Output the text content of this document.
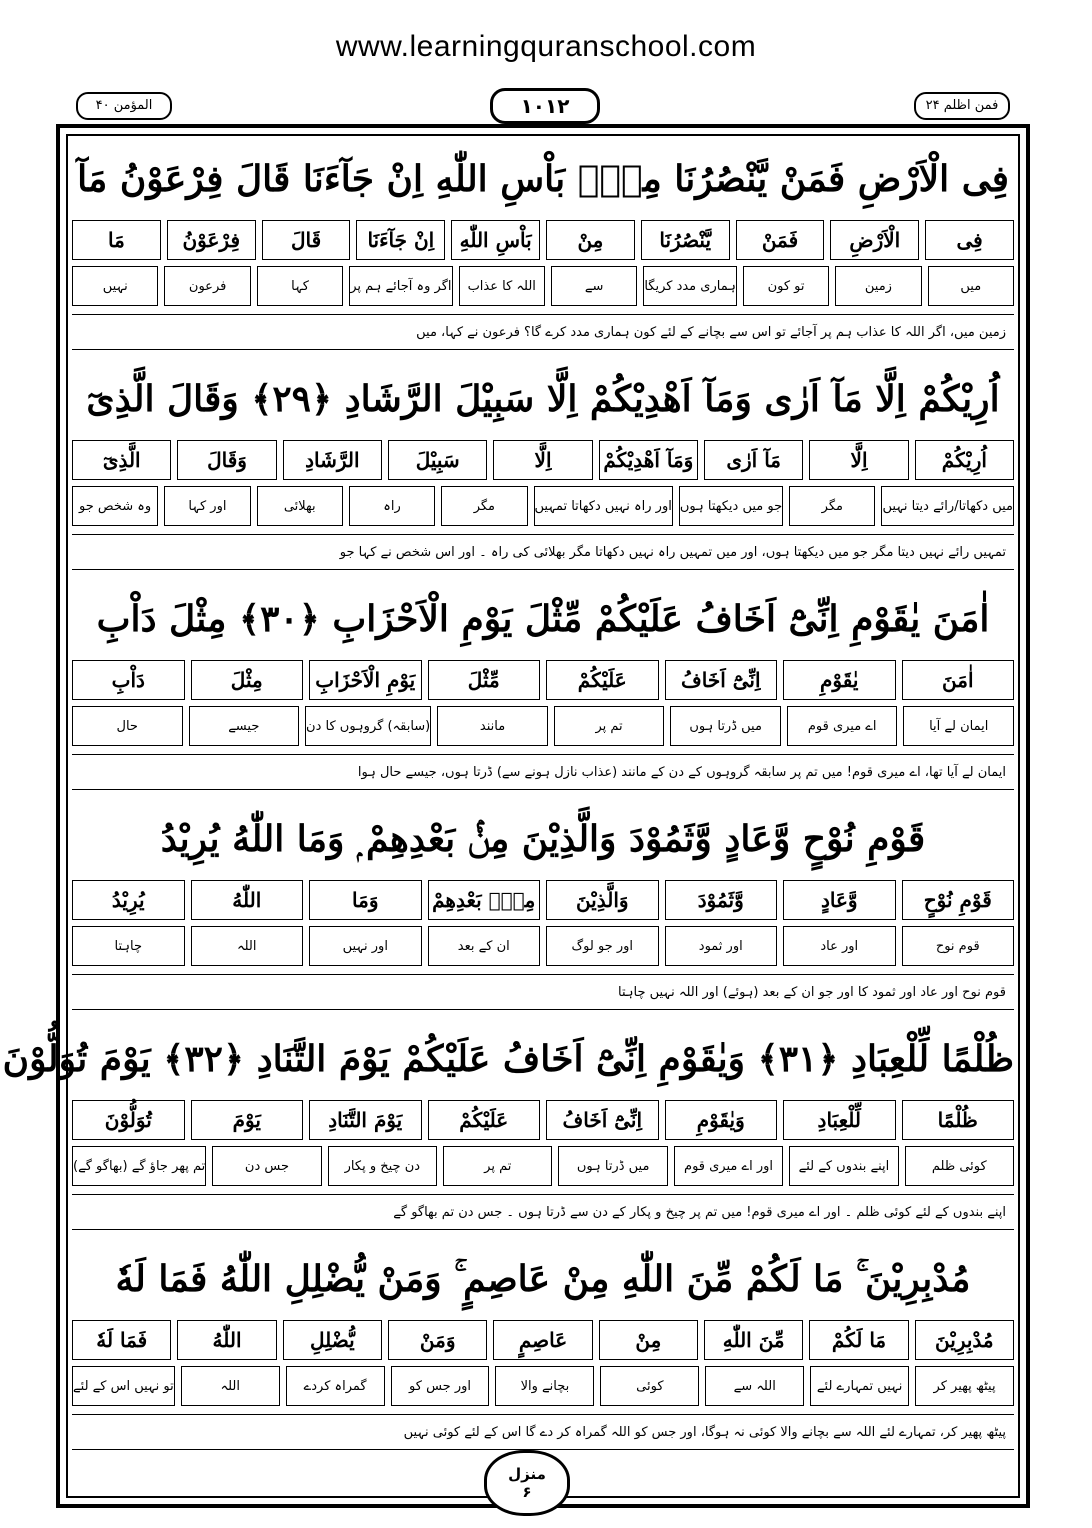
www.learningquranschool.com
فمن اظلم ۲۴
۱۰۱۲
المؤمن ۴۰
فِى الْاَرْضِ فَمَنْ يَّنْصُرُنَا مِنْۢ بَاْسِ اللّٰهِ اِنْ جَآءَنَا قَالَ فِرْعَوْنُ مَآ
فِى
الْاَرْضِ
فَمَنْ
يَّنْصُرُنَا
مِنْ
بَاْسِ اللّٰهِ
اِنْ جَآءَنَا
قَالَ
فِرْعَوْنُ
مَا
میں
زمین
تو کون
ہماری مدد کریگا
سے
اللہ کا عذاب
اگر وہ آجائے ہم پر
کہا
فرعون
نہیں
زمین میں، اگر اللہ کا عذاب ہم پر آجائے تو اس سے بچانے کے لئے کون ہماری مدد کرے گا؟ فرعون نے کہا، میں
اُرِيْكُمْ اِلَّا مَآ اَرٰى وَمَآ اَهْدِيْكُمْ اِلَّا سَبِيْلَ الرَّشَادِ ﴿۲۹﴾ وَقَالَ الَّذِیٓ
اُرِيْكُمْ
اِلَّا
مَآ اَرٰى
وَمَآ اَهْدِيْكُمْ
اِلَّا
سَبِيْلَ
الرَّشَادِ
وَقَالَ
الَّذِیٓ
میں دکھاتا/رائے دیتا نہیں
مگر
جو میں دیکھتا ہوں
اور راہ نہیں دکھاتا تمہیں
مگر
راہ
بھلائی
اور کہا
وہ شخص جو
تمہیں رائے نہیں دیتا مگر جو میں دیکھتا ہوں، اور میں تمہیں راہ نہیں دکھاتا مگر بھلائی کی راہ ۔ اور اس شخص نے کہا جو
اٰمَنَ يٰقَوْمِ اِنِّىْٓ اَخَافُ عَلَيْكُمْ مِّثْلَ يَوْمِ الْاَحْزَابِ ﴿۳۰﴾ مِثْلَ دَاْبِ
اٰمَنَ
يٰقَوْمِ
اِنِّىْٓ اَخَافُ
عَلَيْكُمْ
مِّثْلَ
يَوْمِ الْاَحْزَابِ
مِثْلَ
دَاْبِ
ایمان لے آیا
اے میری قوم
میں ڈرتا ہوں
تم پر
مانند
(سابقہ) گروہوں کا دن
جیسے
حال
ایمان لے آیا تھا، اے میری قوم! میں تم پر سابقہ گروہوں کے دن کے مانند (عذاب نازل ہونے سے) ڈرتا ہوں، جیسے حال ہوا
قَوْمِ نُوْحٍ وَّعَادٍ وَّثَمُوْدَ وَالَّذِيْنَ مِنْۢ بَعْدِهِمْ ۭ وَمَا اللّٰهُ يُرِيْدُ
قَوْمِ نُوْحٍ
وَّعَادٍ
وَّثَمُوْدَ
وَالَّذِيْنَ
مِنْۢ بَعْدِهِمْ
وَمَا
اللّٰهُ
يُرِيْدُ
قوم نوح
اور عاد
اور ثمود
اور جو لوگ
ان کے بعد
اور نہیں
اللہ
چاہتا
قوم نوح اور عاد اور ثمود کا اور جو ان کے بعد (ہوئے) اور اللہ نہیں چاہتا
ظُلْمًا لِّلْعِبَادِ ﴿۳۱﴾ وَيٰقَوْمِ اِنِّىْٓ اَخَافُ عَلَيْكُمْ يَوْمَ التَّنَادِ ﴿۳۲﴾ يَوْمَ تُوَلُّوْنَ
ظُلْمًا
لِّلْعِبَادِ
وَيٰقَوْمِ
اِنِّىْٓ اَخَافُ
عَلَيْكُمْ
يَوْمَ التَّنَادِ
يَوْمَ
تُوَلُّوْنَ
کوئی ظلم
اپنے بندوں کے لئے
اور اے میری قوم
میں ڈرتا ہوں
تم پر
دن چیخ و پکار
جس دن
تم پھر جاؤ گے (بھاگو گے)
اپنے بندوں کے لئے کوئی ظلم ۔ اور اے میری قوم! میں تم پر چیخ و پکار کے دن سے ڈرتا ہوں ۔ جس دن تم بھاگو گے
مُدْبِرِيْنَ ۚ مَا لَكُمْ مِّنَ اللّٰهِ مِنْ عَاصِمٍ ۚ وَمَنْ يُّضْلِلِ اللّٰهُ فَمَا لَهٗ
مُدْبِرِيْنَ
مَا لَكُمْ
مِّنَ اللّٰهِ
مِنْ
عَاصِمٍ
وَمَنْ
يُّضْلِلِ
اللّٰهُ
فَمَا لَهٗ
پیٹھ پھیر کر
نہیں تمہارے لئے
اللہ سے
کوئی
بچانے والا
اور جس کو
گمراہ کردے
اللہ
تو نہیں اس کے لئے
پیٹھ پھیر کر، تمہارے لئے اللہ سے بچانے والا کوئی نہ ہوگا، اور جس کو اللہ گمراہ کر دے گا اس کے لئے کوئی نہیں
منزل
۶
